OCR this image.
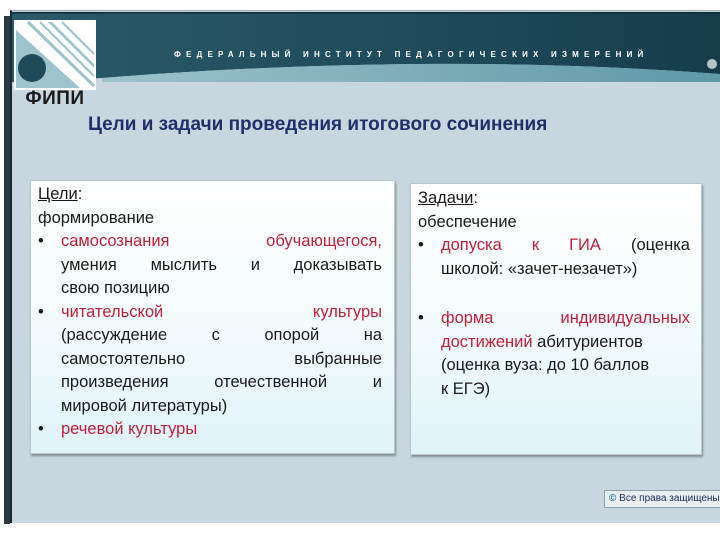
ФЕДЕРАЛЬНЫЙ ИНСТИТУТ ПЕДАГОГИЧЕСКИХ ИЗМЕРЕНИЙ
ФИПИ
Цели и задачи проведения итогового сочинения
Цели:
формирование
• самосознания	обучающегося,
умения мыслить и доказывать
свою позицию
• читательской	культуры
(рассуждение	с	опорой	на
самостоятельно	выбранные
произведения	отечественной	и
мировой литературы)
•	речевой культуры
Задачи:
обеспечение
• допуска к ГИА (оценка
школой: «зачет-незачет»)
• форма	индивидуальных
достижений абитуриентов
(оценка вуза: до 10 баллов
к ЕГЭ)
© Все права защищены
